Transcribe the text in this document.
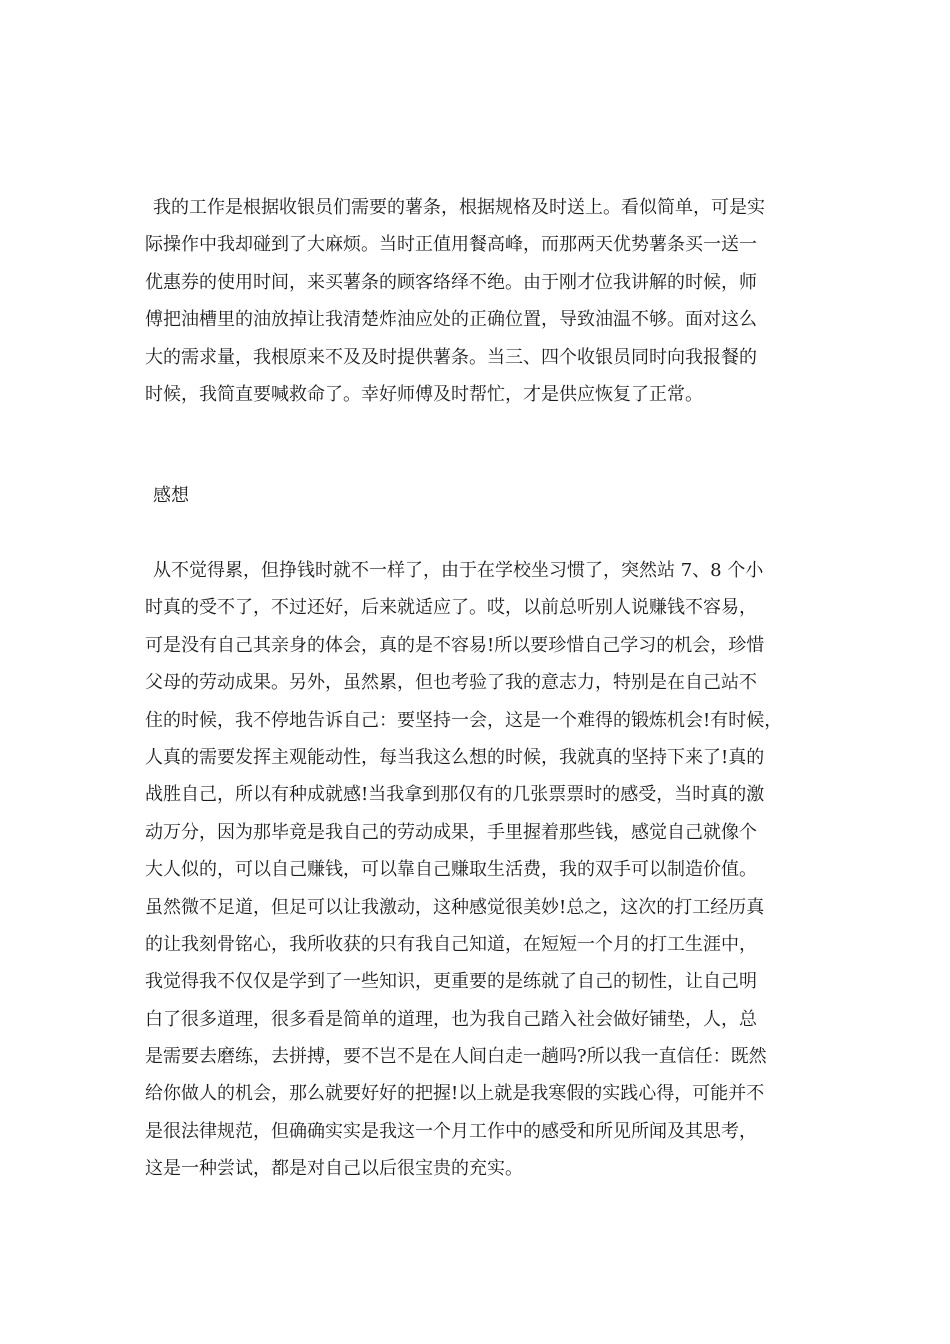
我的工作是根据收银员们需要的薯条，根据规格及时送上。看似简单，可是实
际操作中我却碰到了大麻烦。当时正值用餐高峰，而那两天优势薯条买一送一
优惠券的使用时间，来买薯条的顾客络绎不绝。由于刚才位我讲解的时候，师
傅把油槽里的油放掉让我清楚炸油应处的正确位置，导致油温不够。面对这么
大的需求量，我根原来不及及时提供薯条。当三、四个收银员同时向我报餐的
时候，我简直要喊救命了。幸好师傅及时帮忙，才是供应恢复了正常。
感想
从不觉得累，但挣钱时就不一样了，由于在学校坐习惯了，突然站 7、8 个小
时真的受不了，不过还好，后来就适应了。哎，以前总听别人说赚钱不容易，
可是没有自己其亲身的体会，真的是不容易!所以要珍惜自己学习的机会，珍惜
父母的劳动成果。另外，虽然累，但也考验了我的意志力，特别是在自己站不
住的时候，我不停地告诉自己：要坚持一会，这是一个难得的锻炼机会!有时候，
人真的需要发挥主观能动性，每当我这么想的时候，我就真的坚持下来了!真的
战胜自己，所以有种成就感!当我拿到那仅有的几张票票时的感受，当时真的激
动万分，因为那毕竟是我自己的劳动成果，手里握着那些钱，感觉自己就像个
大人似的，可以自己赚钱，可以靠自己赚取生活费，我的双手可以制造价值。
虽然微不足道，但足可以让我激动，这种感觉很美妙!总之，这次的打工经历真
的让我刻骨铭心，我所收获的只有我自己知道，在短短一个月的打工生涯中，
我觉得我不仅仅是学到了一些知识，更重要的是练就了自己的韧性，让自己明
白了很多道理，很多看是简单的道理，也为我自己踏入社会做好铺垫，人，总
是需要去磨练，去拼搏，要不岂不是在人间白走一趟吗?所以我一直信任：既然
给你做人的机会，那么就要好好的把握!以上就是我寒假的实践心得，可能并不
是很法律规范，但确确实实是我这一个月工作中的感受和所见所闻及其思考，
这是一种尝试，都是对自己以后很宝贵的充实。
